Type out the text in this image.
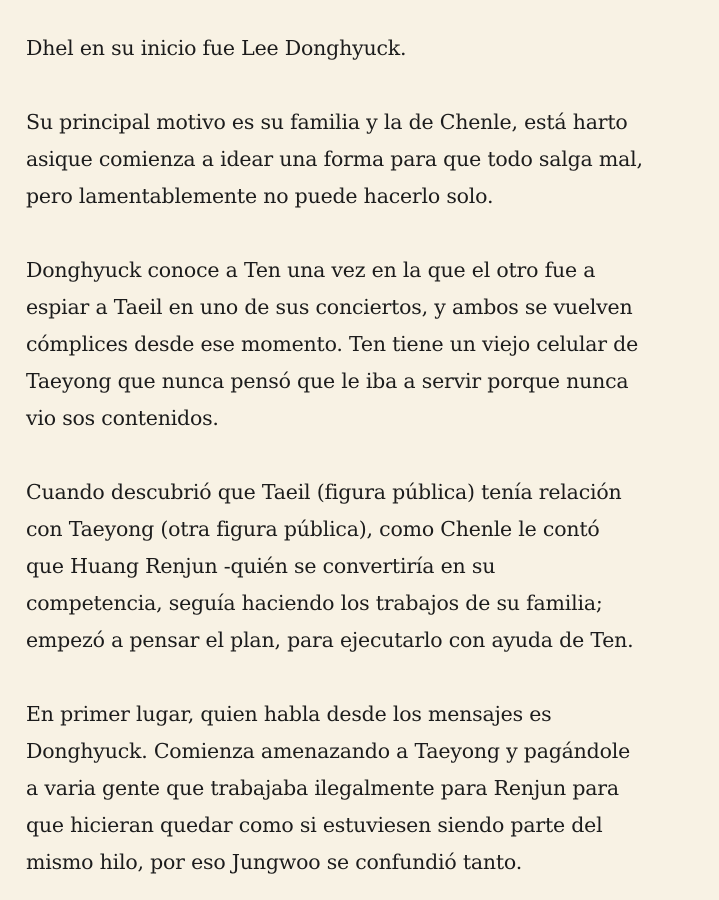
Dhel en su inicio fue Lee Donghyuck.

Su principal motivo es su familia y la de Chenle, está harto
asique comienza a idear una forma para que todo salga mal,
pero lamentablemente no puede hacerlo solo.

Donghyuck conoce a Ten una vez en la que el otro fue a
espiar a Taeil en uno de sus conciertos, y ambos se vuelven
cómplices desde ese momento. Ten tiene un viejo celular de
Taeyong que nunca pensó que le iba a servir porque nunca
vio sos contenidos.

Cuando descubrió que Taeil (figura pública) tenía relación
con Taeyong (otra figura pública), como Chenle le contó
que Huang Renjun -quién se convertiría en su
competencia, seguía haciendo los trabajos de su familia;
empezó a pensar el plan, para ejecutarlo con ayuda de Ten.

En primer lugar, quien habla desde los mensajes es
Donghyuck. Comienza amenazando a Taeyong y pagándole
a varia gente que trabajaba ilegalmente para Renjun para
que hicieran quedar como si estuviesen siendo parte del
mismo hilo, por eso Jungwoo se confundió tanto.
